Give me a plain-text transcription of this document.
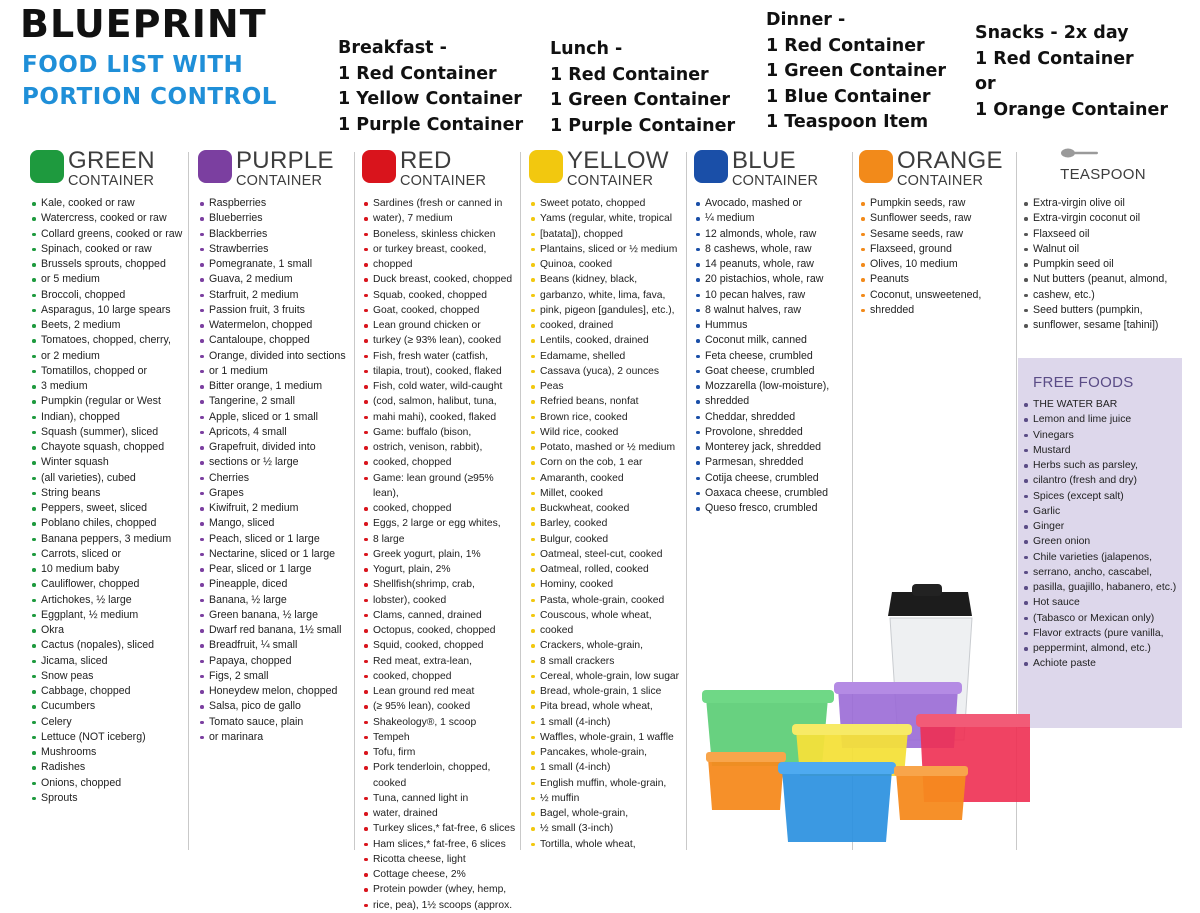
BLUEPRINT
FOOD LIST WITH
PORTION CONTROL
Breakfast -
1 Red Container
1 Yellow Container
1 Purple Container
Lunch -
1 Red Container
1 Green Container
1 Purple Container
Dinner -
1 Red Container
1 Green Container
1 Blue Container
1 Teaspoon Item
Snacks - 2x day
1 Red Container
or
1 Orange Container
FREE FOODS
THE WATER BAR
Lemon and lime juice
Vinegars
Mustard
Herbs such as parsley,
cilantro (fresh and dry)
Spices (except salt)
Garlic
Ginger
Green onion
Chile varieties (jalapenos,
serrano, ancho, cascabel,
pasilla, guajillo, habanero, etc.)
Hot sauce
(Tabasco or Mexican only)
Flavor extracts (pure vanilla,
peppermint, almond, etc.)
Achiote paste
GREEN
CONTAINER
Kale, cooked or raw
Watercress, cooked or raw
Collard greens, cooked or raw
Spinach, cooked or raw
Brussels sprouts, chopped
or 5 medium
Broccoli, chopped
Asparagus, 10 large spears
Beets, 2 medium
Tomatoes, chopped, cherry,
or 2 medium
Tomatillos, chopped or
3 medium
Pumpkin (regular or West
Indian), chopped
Squash (summer), sliced
Chayote squash, chopped
Winter squash
(all varieties), cubed
String beans
Peppers, sweet, sliced
Poblano chiles, chopped
Banana peppers, 3 medium
Carrots, sliced or
10 medium baby
Cauliflower, chopped
Artichokes, ½ large
Eggplant, ½ medium
Okra
Cactus (nopales), sliced
Jicama, sliced
Snow peas
Cabbage, chopped
Cucumbers
Celery
Lettuce (NOT iceberg)
Mushrooms
Radishes
Onions, chopped
Sprouts
PURPLE
CONTAINER
Raspberries
Blueberries
Blackberries
Strawberries
Pomegranate, 1 small
Guava, 2 medium
Starfruit, 2 medium
Passion fruit, 3 fruits
Watermelon, chopped
Cantaloupe, chopped
Orange, divided into sections
or 1 medium
Bitter orange, 1 medium
Tangerine, 2 small
Apple, sliced or 1 small
Apricots, 4 small
Grapefruit, divided into
sections or ½ large
Cherries
Grapes
Kiwifruit, 2 medium
Mango, sliced
Peach, sliced or 1 large
Nectarine, sliced or 1 large
Pear, sliced or 1 large
Pineapple, diced
Banana, ½ large
Green banana, ½ large
Dwarf red banana, 1½ small
Breadfruit, ¼ small
Papaya, chopped
Figs, 2 small
Honeydew melon, chopped
Salsa, pico de gallo
Tomato sauce, plain
or marinara
RED
CONTAINER
Sardines (fresh or canned in
water), 7 medium
Boneless, skinless chicken
or turkey breast, cooked,
chopped
Duck breast, cooked, chopped
Squab, cooked, chopped
Goat, cooked, chopped
Lean ground chicken or
turkey (≥ 93% lean), cooked
Fish, fresh water (catfish,
tilapia, trout), cooked, flaked
Fish, cold water, wild-caught
(cod, salmon, halibut, tuna,
mahi mahi), cooked, flaked
Game: buffalo (bison,
ostrich, venison, rabbit),
cooked, chopped
Game: lean ground (≥95% lean),
cooked, chopped
Eggs, 2 large or egg whites,
8 large
Greek yogurt, plain, 1%
Yogurt, plain, 2%
Shellfish(shrimp, crab,
lobster), cooked
Clams, canned, drained
Octopus, cooked, chopped
Squid, cooked, chopped
Red meat, extra-lean,
cooked, chopped
Lean ground red meat
(≥ 95% lean), cooked
Shakeology®, 1 scoop
Tempeh
Tofu, firm
Pork tenderloin, chopped, cooked
Tuna, canned light in
water, drained
Turkey slices,* fat-free, 6 slices
Ham slices,* fat-free, 6 slices
Ricotta cheese, light
Cottage cheese, 2%
Protein powder (whey, hemp,
rice, pea), 1½ scoops (approx.
YELLOW
CONTAINER
Sweet potato, chopped
Yams (regular, white, tropical
[batata]), chopped
Plantains, sliced or ½ medium
Quinoa, cooked
Beans (kidney, black,
garbanzo, white, lima, fava,
pink, pigeon [gandules], etc.),
cooked, drained
Lentils, cooked, drained
Edamame, shelled
Cassava (yuca), 2 ounces
Peas
Refried beans, nonfat
Brown rice, cooked
Wild rice, cooked
Potato, mashed or ½ medium
Corn on the cob, 1 ear
Amaranth, cooked
Millet, cooked
Buckwheat, cooked
Barley, cooked
Bulgur, cooked
Oatmeal, steel-cut, cooked
Oatmeal, rolled, cooked
Hominy, cooked
Pasta, whole-grain, cooked
Couscous, whole wheat,
cooked
Crackers, whole-grain,
8 small crackers
Cereal, whole-grain, low sugar
Bread, whole-grain, 1 slice
Pita bread, whole wheat,
1 small (4-inch)
Waffles, whole-grain, 1 waffle
Pancakes, whole-grain,
1 small (4-inch)
English muffin, whole-grain,
½ muffin
Bagel, whole-grain,
½ small (3-inch)
Tortilla, whole wheat,
BLUE
CONTAINER
Avocado, mashed or
¼ medium
12 almonds, whole, raw
8 cashews, whole, raw
14 peanuts, whole, raw
20 pistachios, whole, raw
10 pecan halves, raw
8 walnut halves, raw
Hummus
Coconut milk, canned
Feta cheese, crumbled
Goat cheese, crumbled
Mozzarella (low-moisture),
shredded
Cheddar, shredded
Provolone, shredded
Monterey jack, shredded
Parmesan, shredded
Cotija cheese, crumbled
Oaxaca cheese, crumbled
Queso fresco, crumbled
ORANGE
CONTAINER
Pumpkin seeds, raw
Sunflower seeds, raw
Sesame seeds, raw
Flaxseed, ground
Olives, 10 medium
Peanuts
Coconut, unsweetened,
shredded
TEASPOON
Extra-virgin olive oil
Extra-virgin coconut oil
Flaxseed oil
Walnut oil
Pumpkin seed oil
Nut butters (peanut, almond,
cashew, etc.)
Seed butters (pumpkin,
sunflower, sesame [tahini])
